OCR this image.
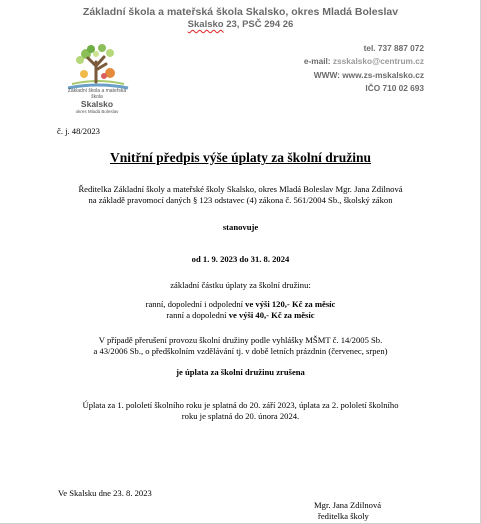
Základní škola a mateřská škola Skalsko, okres Mladá Boleslav
Skalsko 23, PSČ 294 26
Základní škola a mateřská škola
Skalsko
okres Mladá Boleslav
tel. 737 887 072
e-mail: zsskalsko@centrum.cz
WWW: www.zs-mskalsko.cz
IČO 710 02 693
č. j. 48/2023
Vnitřní předpis výše úplaty za školní družinu
Ředitelka Základní školy a mateřské školy Skalsko, okres Mladá Boleslav Mgr. Jana Zdilnová
na základě pravomocí daných § 123 odstavec (4) zákona č. 561/2004 Sb., školský zákon
stanovuje
od 1. 9. 2023 do 31. 8. 2024
základní částku úplaty za školní družinu:
ranní, dopolední i odpolední ve výši 120,- Kč za měsíc
ranní a dopolední ve výši 40,- Kč za měsíc
V případě přerušení provozu školní družiny podle vyhlášky MŠMT č. 14/2005 Sb.
a 43/2006 Sb., o předškolním vzdělávání tj. v době letních prázdnin (červenec, srpen)
je úplata za školní družinu zrušena
Úplata za 1. pololetí školního roku je splatná do 20. září 2023, úplata za 2. pololetí školního
roku je splatná do 20. února 2024.
Ve Skalsku dne 23. 8. 2023
Mgr. Jana Zdilnová
ředitelka školy
